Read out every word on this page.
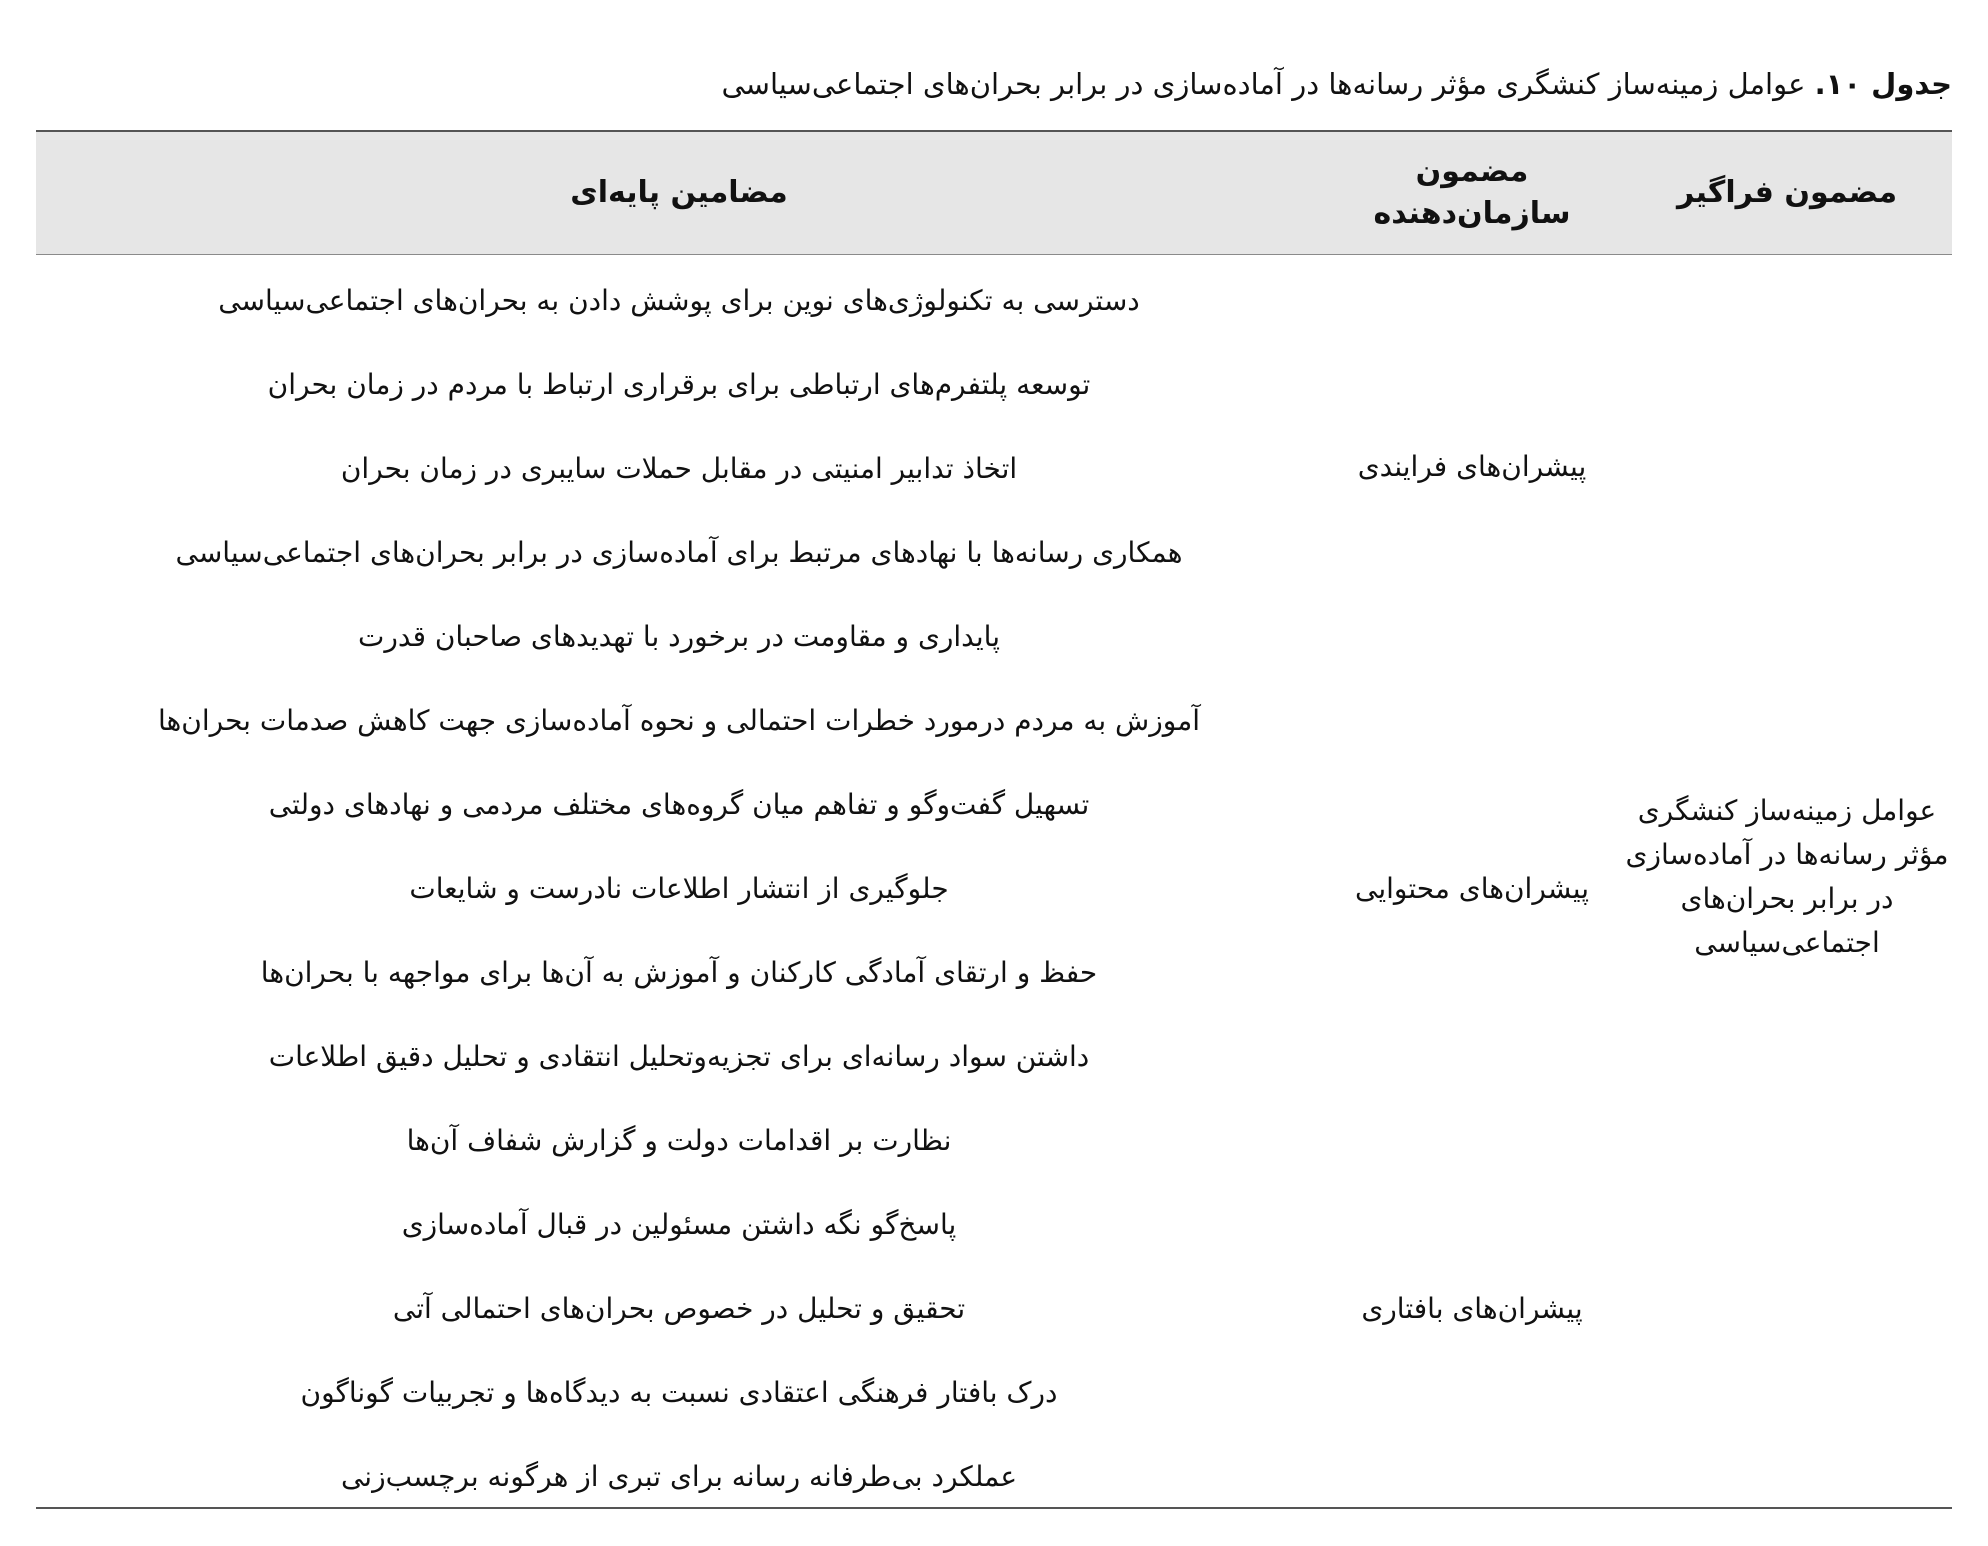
جدول ۱۰. عوامل زمینه‌ساز کنشگری مؤثر رسانه‌ها در آماده‌سازی در برابر بحران‌های اجتماعی‌سیاسی
مضمون فراگیر
مضمون
سازمان‌دهنده
مضامین پایه‌ای
عوامل زمینه‌ساز کنشگری
مؤثر رسانه‌ها در آماده‌سازی
در برابر بحران‌های
اجتماعی‌سیاسی
پیشران‌های فرایندی
پیشران‌های محتوایی
پیشران‌های بافتاری
دسترسی به تکنولوژی‌های نوین برای پوشش دادن به بحران‌های اجتماعی‌سیاسی
توسعه پلتفرم‌های ارتباطی برای برقراری ارتباط با مردم در زمان بحران
اتخاذ تدابیر امنیتی در مقابل حملات سایبری در زمان بحران
همکاری رسانه‌ها با نهادهای مرتبط برای آماده‌سازی در برابر بحران‌های اجتماعی‌سیاسی
پایداری و مقاومت در برخورد با تهدیدهای صاحبان قدرت
آموزش به مردم درمورد خطرات احتمالی و نحوه آماده‌سازی جهت کاهش صدمات بحران‌ها
تسهیل گفت‌وگو و تفاهم میان گروه‌های مختلف مردمی و نهادهای دولتی
جلوگیری از انتشار اطلاعات نادرست و شایعات
حفظ و ارتقای آمادگی کارکنان و آموزش به آن‌ها برای مواجهه با بحران‌ها
داشتن سواد رسانه‌ای برای تجزیه‌وتحلیل انتقادی و تحلیل دقیق اطلاعات
نظارت بر اقدامات دولت و گزارش شفاف آن‌ها
پاسخ‌گو نگه داشتن مسئولین در قبال آماده‌سازی
تحقیق و تحلیل در خصوص بحران‌های احتمالی آتی
درک بافتار فرهنگی اعتقادی نسبت به دیدگاه‌ها و تجربیات گوناگون
عملکرد بی‌طرفانه رسانه برای تبری از هرگونه برچسب‌زنی
